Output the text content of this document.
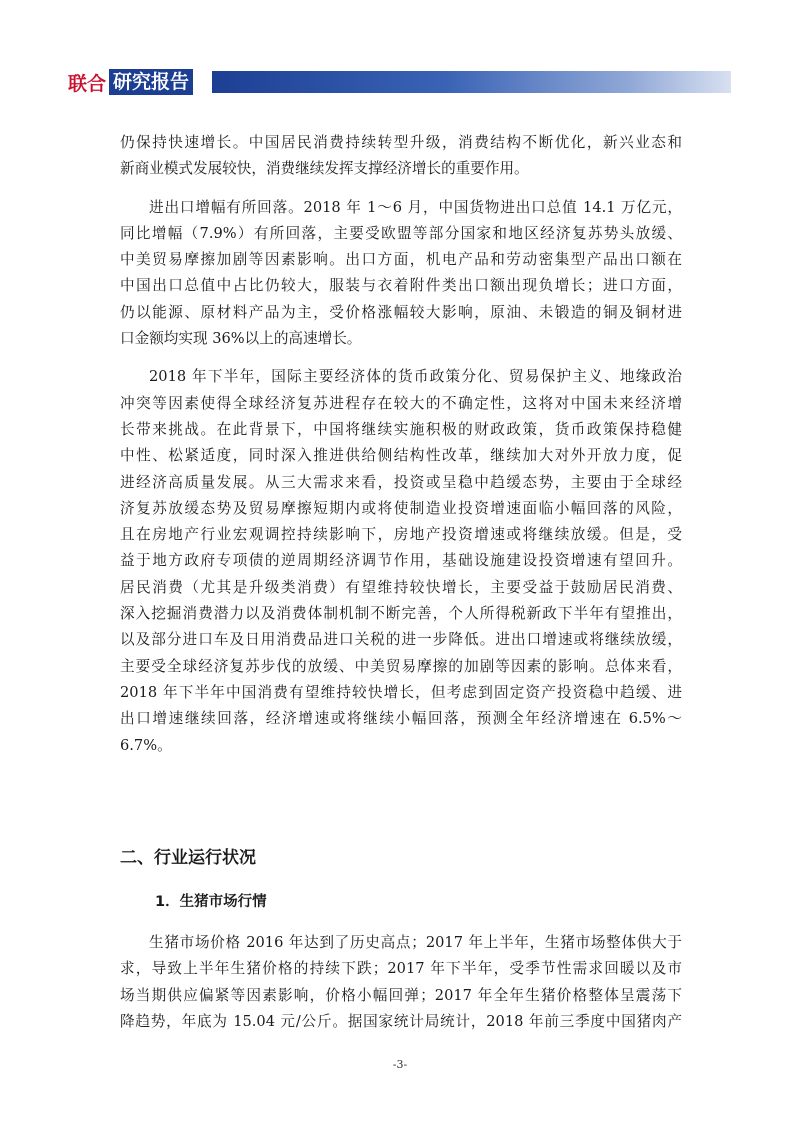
联合 研究报告

仍保持快速增长。中国居民消费持续转型升级，消费结构不断优化，新兴业态和
新商业模式发展较快，消费继续发挥支撑经济增长的重要作用。

进出口增幅有所回落。2018 年 1～6 月，中国货物进出口总值 14.1 万亿元，
同比增幅（7.9%）有所回落，主要受欧盟等部分国家和地区经济复苏势头放缓、
中美贸易摩擦加剧等因素影响。出口方面，机电产品和劳动密集型产品出口额在
中国出口总值中占比仍较大，服装与衣着附件类出口额出现负增长；进口方面，
仍以能源、原材料产品为主，受价格涨幅较大影响，原油、未锻造的铜及铜材进
口金额均实现 36%以上的高速增长。

2018 年下半年，国际主要经济体的货币政策分化、贸易保护主义、地缘政治
冲突等因素使得全球经济复苏进程存在较大的不确定性，这将对中国未来经济增
长带来挑战。在此背景下，中国将继续实施积极的财政政策，货币政策保持稳健
中性、松紧适度，同时深入推进供给侧结构性改革，继续加大对外开放力度，促
进经济高质量发展。从三大需求来看，投资或呈稳中趋缓态势，主要由于全球经
济复苏放缓态势及贸易摩擦短期内或将使制造业投资增速面临小幅回落的风险，
且在房地产行业宏观调控持续影响下，房地产投资增速或将继续放缓。但是，受
益于地方政府专项债的逆周期经济调节作用，基础设施建设投资增速有望回升。
居民消费（尤其是升级类消费）有望维持较快增长，主要受益于鼓励居民消费、
深入挖掘消费潜力以及消费体制机制不断完善，个人所得税新政下半年有望推出，
以及部分进口车及日用消费品进口关税的进一步降低。进出口增速或将继续放缓，
主要受全球经济复苏步伐的放缓、中美贸易摩擦的加剧等因素的影响。总体来看，
2018 年下半年中国消费有望维持较快增长，但考虑到固定资产投资稳中趋缓、进
出口增速继续回落，经济增速或将继续小幅回落，预测全年经济增速在 6.5%～
6.7%。

二、行业运行状况
1．生猪市场行情

生猪市场价格 2016 年达到了历史高点；2017 年上半年，生猪市场整体供大于
求，导致上半年生猪价格的持续下跌；2017 年下半年，受季节性需求回暖以及市
场当期供应偏紧等因素影响，价格小幅回弹；2017 年全年生猪价格整体呈震荡下
降趋势，年底为 15.04 元/公斤。据国家统计局统计，2018 年前三季度中国猪肉产

-3-
